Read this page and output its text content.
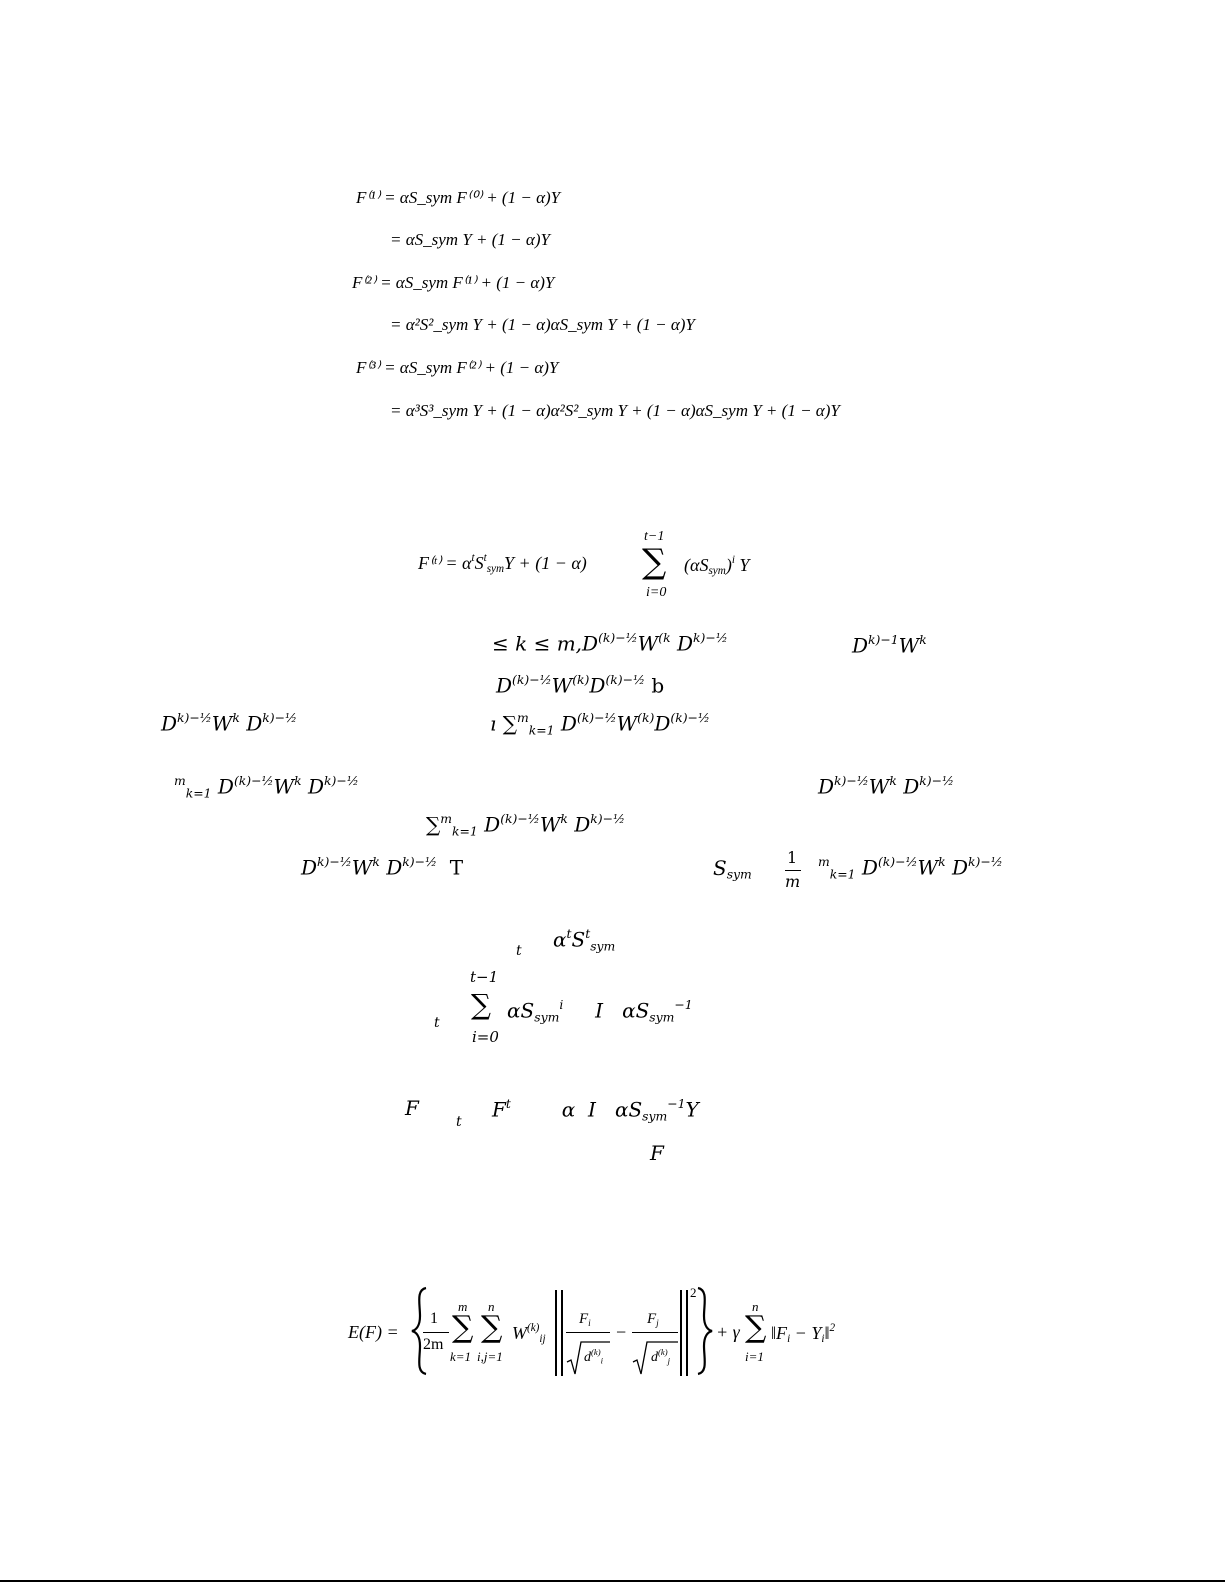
F⁽¹⁾ = αS_sym F⁽⁰⁾ + (1 − α)Y
= αS_sym Y + (1 − α)Y
F⁽²⁾ = αS_sym F⁽¹⁾ + (1 − α)Y
= α²S²_sym Y + (1 − α)αS_sym Y + (1 − α)Y
F⁽³⁾ = αS_sym F⁽²⁾ + (1 − α)Y
= α³S³_sym Y + (1 − α)α²S²_sym Y + (1 − α)αS_sym Y + (1 − α)Y
F⁽ᵗ⁾ = $\alpha^tS^t_{sym}Y + (1 - \alpha)$
t−1
∑
i=0
$(\alpha S_{sym})^i$ Y
≤ $k \le m,D^{(k)-\frac{1}{2}}W^{(k}$ $D^{k)-\frac{1}{2}}$	$D^{k)-1}W^k$
$D^{(k)-\frac{1}{2}}W^{(k)}D^{(k)-\frac{1}{2}}$ b
$D^{k)-\frac{1}{2}}W^k$ $D^{k)-\frac{1}{2}}$	ı ∑$^m_{k=1}$ $D^{(k)-\frac{1}{2}}W^{(k)}D^{(k)-\frac{1}{2}}$
$^m_{k=1}$ $D^{(k)-\frac{1}{2}}W^k$ $D^{k)-\frac{1}{2}}$	$D^{k)-\frac{1}{2}}W^k$ $D^{k)-\frac{1}{2}}$
∑$^m_{k=1}$ $D^{(k)-\frac{1}{2}}W^k$ $D^{k)-\frac{1}{2}}$
$D^{k)-\frac{1}{2}}W^k$ $D^{k)-\frac{1}{2}}$ T	$S_{sym}$
1
m
$^m_{k=1}$ $D^{(k)-\frac{1}{2}}W^k$ $D^{k)-\frac{1}{2}}$
t $\alpha^tS^t_{sym}$
t−1
∑
i=0
t
$\alpha S_{sym}^i$ I $\alpha S_{sym}^{-1}$
F
t
$F^t$	α I $\alpha S_{sym}^{-1}Y$
F
E(F) =
1
2m
m
∑
k=1
n
∑
i,j=1
$W^{(k)}_{ij}$
$F_i$
$d^{(k)}_i$
−
$F_j$
$d^{(k)}_j$
2
+ γ
n
∑
i=1
$‖F_i$ − $Y_i‖^2$
